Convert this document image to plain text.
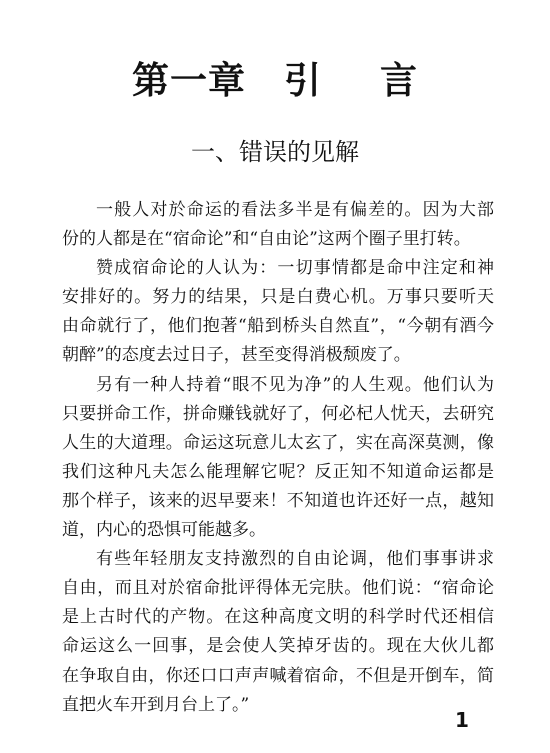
第一章 引 言
一、错误的见解
一般人对於命运的看法多半是有偏差的。因为大部
份的人都是在“宿命论”和“自由论”这两个圈子里打转。
赞成宿命论的人认为：一切事情都是命中注定和神
安排好的。努力的结果，只是白费心机。万事只要听天
由命就行了，他们抱著“船到桥头自然直”，“今朝有酒今
朝醉”的态度去过日子，甚至变得消极颓废了。
另有一种人持着“眼不见为净”的人生观。他们认为
只要拼命工作，拼命赚钱就好了，何必杞人忧天，去研究
人生的大道理。命运这玩意儿太玄了，实在高深莫测，像
我们这种凡夫怎么能理解它呢？反正知不知道命运都是
那个样子，该来的迟早要来！不知道也许还好一点，越知
道，内心的恐惧可能越多。
有些年轻朋友支持激烈的自由论调，他们事事讲求
自由，而且对於宿命批评得体无完肤。他们说：“宿命论
是上古时代的产物。在这种高度文明的科学时代还相信
命运这么一回事，是会使人笑掉牙齿的。现在大伙儿都
在争取自由，你还口口声声喊着宿命，不但是开倒车，简
直把火车开到月台上了。”
1
